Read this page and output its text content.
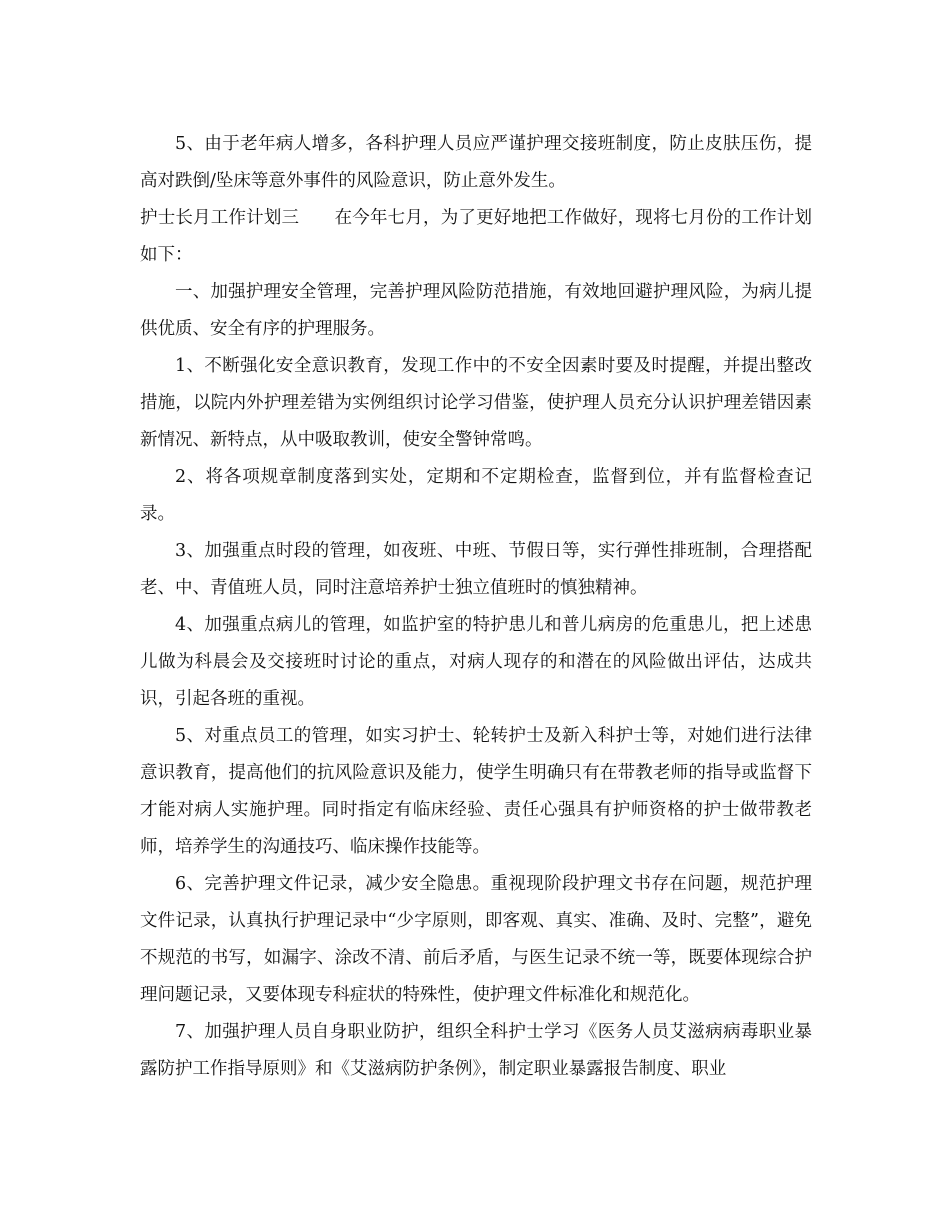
5、由于老年病人增多，各科护理人员应严谨护理交接班制度，防止皮肤压伤，提高对跌倒/坠床等意外事件的风险意识，防止意外发生。

护士长月工作计划三　　在今年七月，为了更好地把工作做好，现将七月份的工作计划如下：

一、加强护理安全管理，完善护理风险防范措施，有效地回避护理风险，为病儿提供优质、安全有序的护理服务。

1、不断强化安全意识教育，发现工作中的不安全因素时要及时提醒，并提出整改措施，以院内外护理差错为实例组织讨论学习借鉴，使护理人员充分认识护理差错因素新情况、新特点，从中吸取教训，使安全警钟常鸣。

2、将各项规章制度落到实处，定期和不定期检查，监督到位，并有监督检查记录。

3、加强重点时段的管理，如夜班、中班、节假日等，实行弹性排班制，合理搭配老、中、青值班人员，同时注意培养护士独立值班时的慎独精神。

4、加强重点病儿的管理，如监护室的特护患儿和普儿病房的危重患儿，把上述患儿做为科晨会及交接班时讨论的重点，对病人现存的和潜在的风险做出评估，达成共识，引起各班的重视。

5、对重点员工的管理，如实习护士、轮转护士及新入科护士等，对她们进行法律意识教育，提高他们的抗风险意识及能力，使学生明确只有在带教老师的指导或监督下才能对病人实施护理。同时指定有临床经验、责任心强具有护师资格的护士做带教老师，培养学生的沟通技巧、临床操作技能等。

6、完善护理文件记录，减少安全隐患。重视现阶段护理文书存在问题，规范护理文件记录，认真执行护理记录中“少字原则，即客观、真实、准确、及时、完整”，避免不规范的书写，如漏字、涂改不清、前后矛盾，与医生记录不统一等，既要体现综合护理问题记录，又要体现专科症状的特殊性，使护理文件标准化和规范化。

7、加强护理人员自身职业防护，组织全科护士学习《医务人员艾滋病病毒职业暴露防护工作指导原则》和《艾滋病防护条例》，制定职业暴露报告制度、职业
